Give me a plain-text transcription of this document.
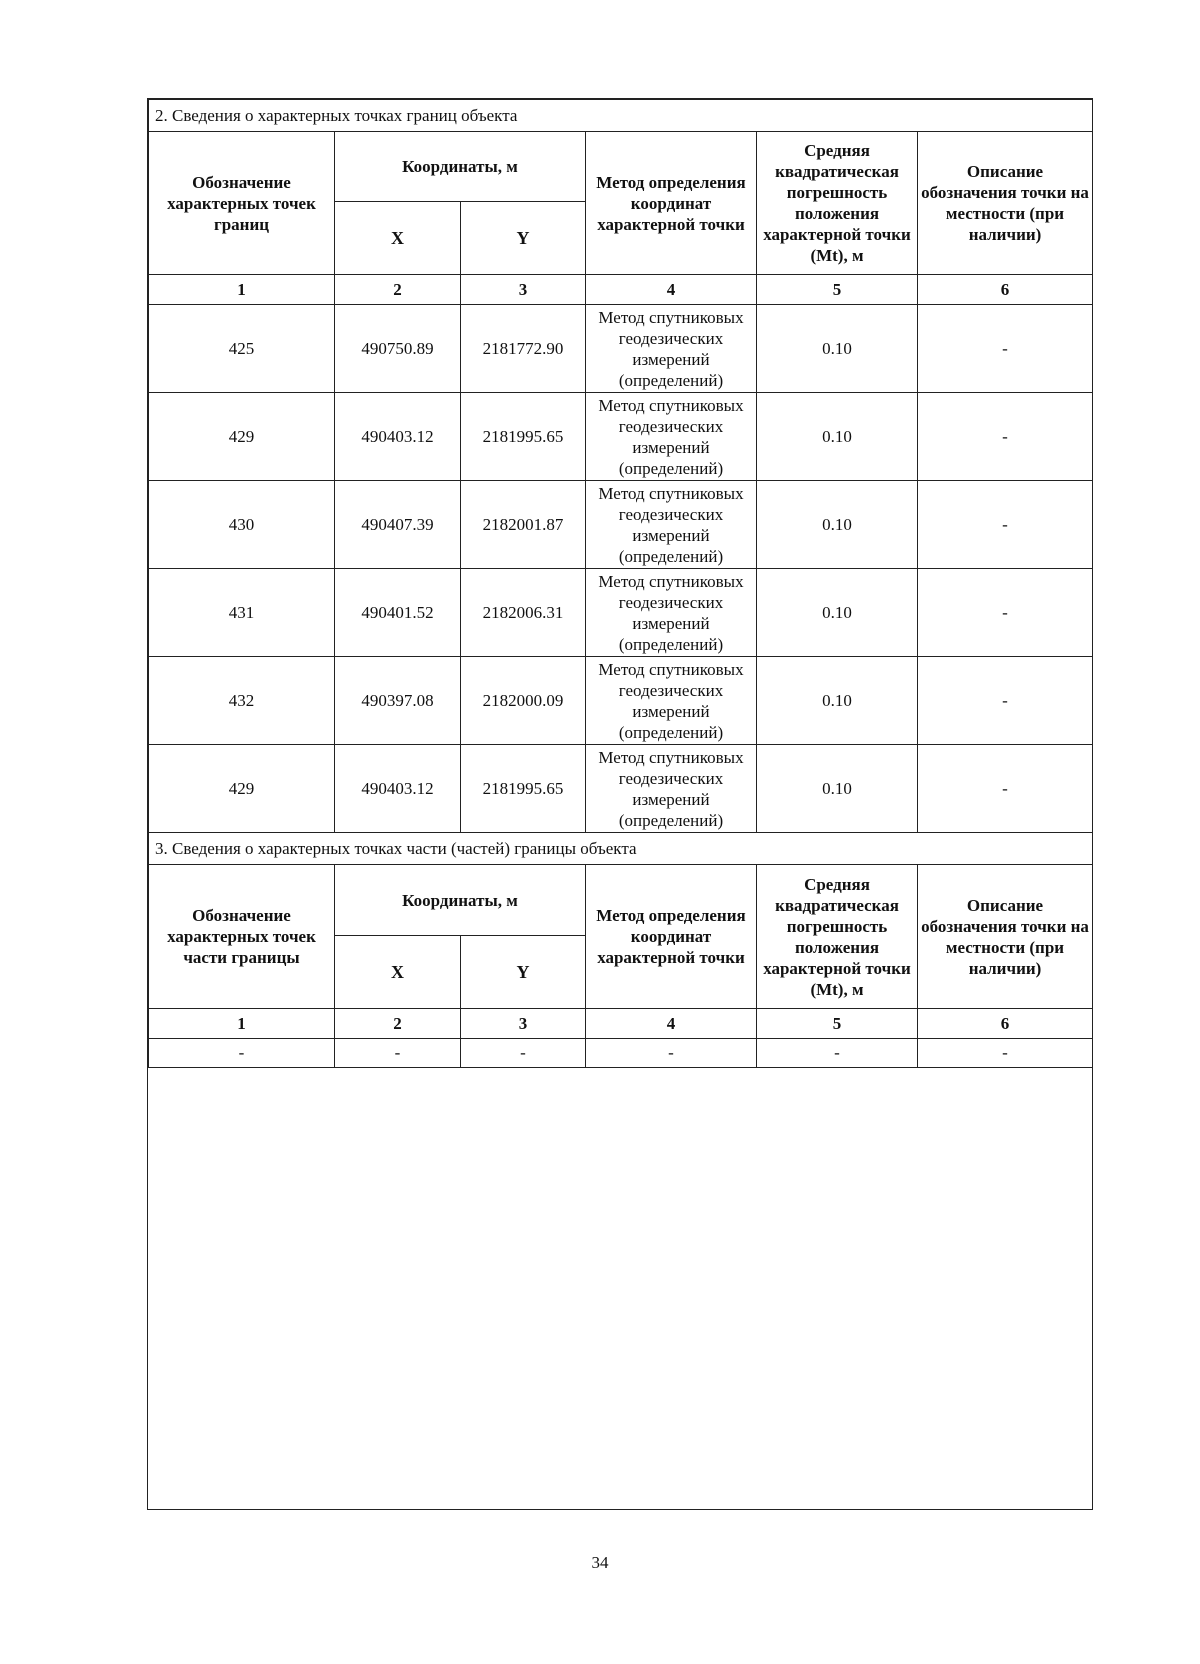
2. Сведения о характерных точках границ объекта					
Обозначение характерных точек границ	Координаты, м		Метод определения координат характерной точки	Средняя квадратическая погрешность положения характерной точки (Mt), м	Описание обозначения точки на местности (при наличии)
	X	Y			
1	2	3	4	5	6
425	490750.89	2181772.90	Метод спутниковых геодезических измерений (определений)	0.10	-
429	490403.12	2181995.65	Метод спутниковых геодезических измерений (определений)	0.10	-
430	490407.39	2182001.87	Метод спутниковых геодезических измерений (определений)	0.10	-
431	490401.52	2182006.31	Метод спутниковых геодезических измерений (определений)	0.10	-
432	490397.08	2182000.09	Метод спутниковых геодезических измерений (определений)	0.10	-
429	490403.12	2181995.65	Метод спутниковых геодезических измерений (определений)	0.10	-
3. Сведения о характерных точках части (частей) границы объекта					
Обозначение характерных точек части границы	Координаты, м		Метод определения координат характерной точки	Средняя квадратическая погрешность положения характерной точки (Mt), м	Описание обозначения точки на местности (при наличии)
	X	Y			
1	2	3	4	5	6
-	-	-	-	-	-
34
